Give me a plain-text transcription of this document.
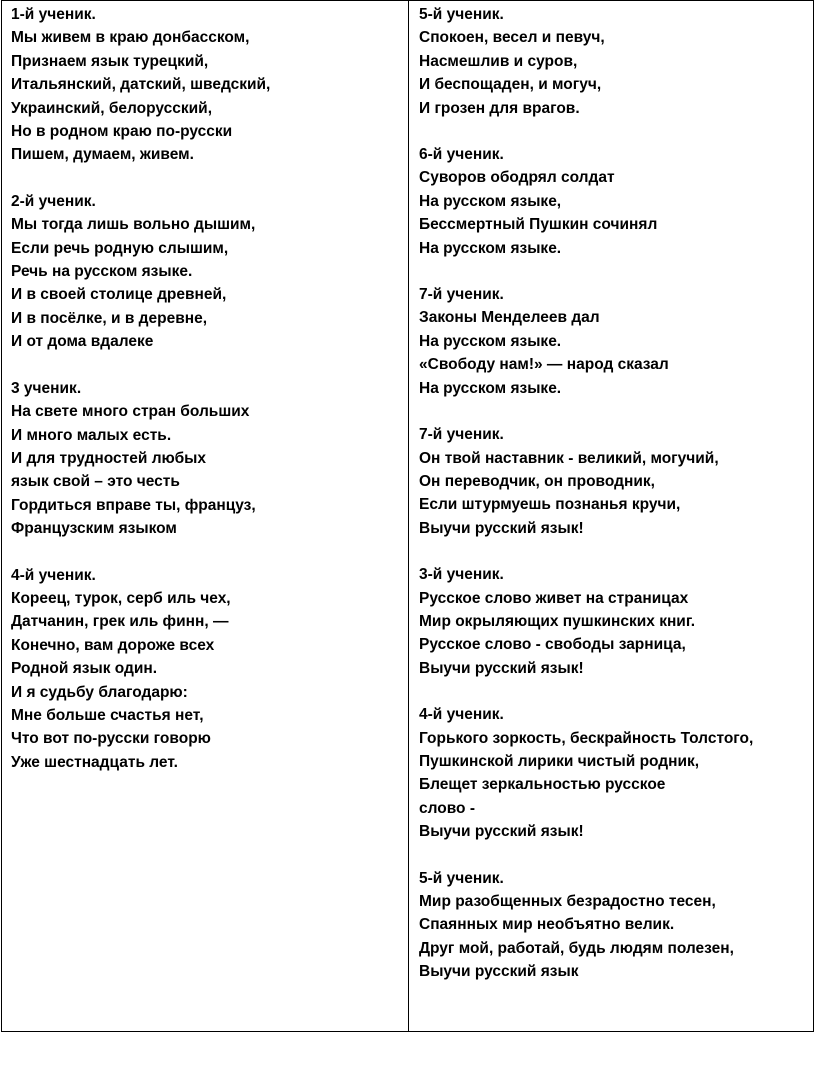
1-й ученик.
Мы живем в краю донбасском,
Признаем язык турецкий,
Итальянский, датский, шведский,
Украинский, белорусский,
Но в родном краю по-русски
Пишем, думаем, живем.
2-й ученик.
Мы тогда лишь вольно дышим,
Если речь родную слышим,
Речь на русском языке.
И в своей столице древней,
И в посёлке, и в деревне,
И от дома вдалеке
3 ученик.
На свете много стран больших
И много малых есть.
И для трудностей любых
язык свой – это честь
Гордиться вправе ты, француз,
Французским языком
4-й ученик.
Кореец, турок, серб иль чех,
Датчанин, грек иль финн, —
Конечно, вам дороже всех
Родной язык один.
И я судьбу благодарю:
Мне больше счастья нет,
Что вот по-русски говорю
Уже шестнадцать лет.
5-й ученик.
Спокоен, весел и певуч,
Насмешлив и суров,
И беспощаден, и могуч,
И грозен для врагов.
6-й ученик.
Суворов ободрял солдат
На русском языке,
Бессмертный Пушкин сочинял
На русском языке.
7-й ученик.
Законы Менделеев дал
На русском языке.
«Свободу нам!» — народ сказал
На русском языке.
7-й ученик.
Он твой наставник - великий, могучий,
Он переводчик, он проводник,
Если штурмуешь познанья кручи,
Выучи русский язык!
3-й ученик.
Русское слово живет на страницах
Мир окрыляющих пушкинских книг.
Русское слово - свободы зарница,
Выучи русский язык!
4-й ученик.
Горького зоркость, бескрайность Толстого,
Пушкинской лирики чистый родник,
Блещет зеркальностью русское
слово -
Выучи русский язык!
5-й ученик.
Мир разобщенных безрадостно тесен,
Спаянных мир необъятно велик.
Друг мой, работай, будь людям полезен,
Выучи русский язык
